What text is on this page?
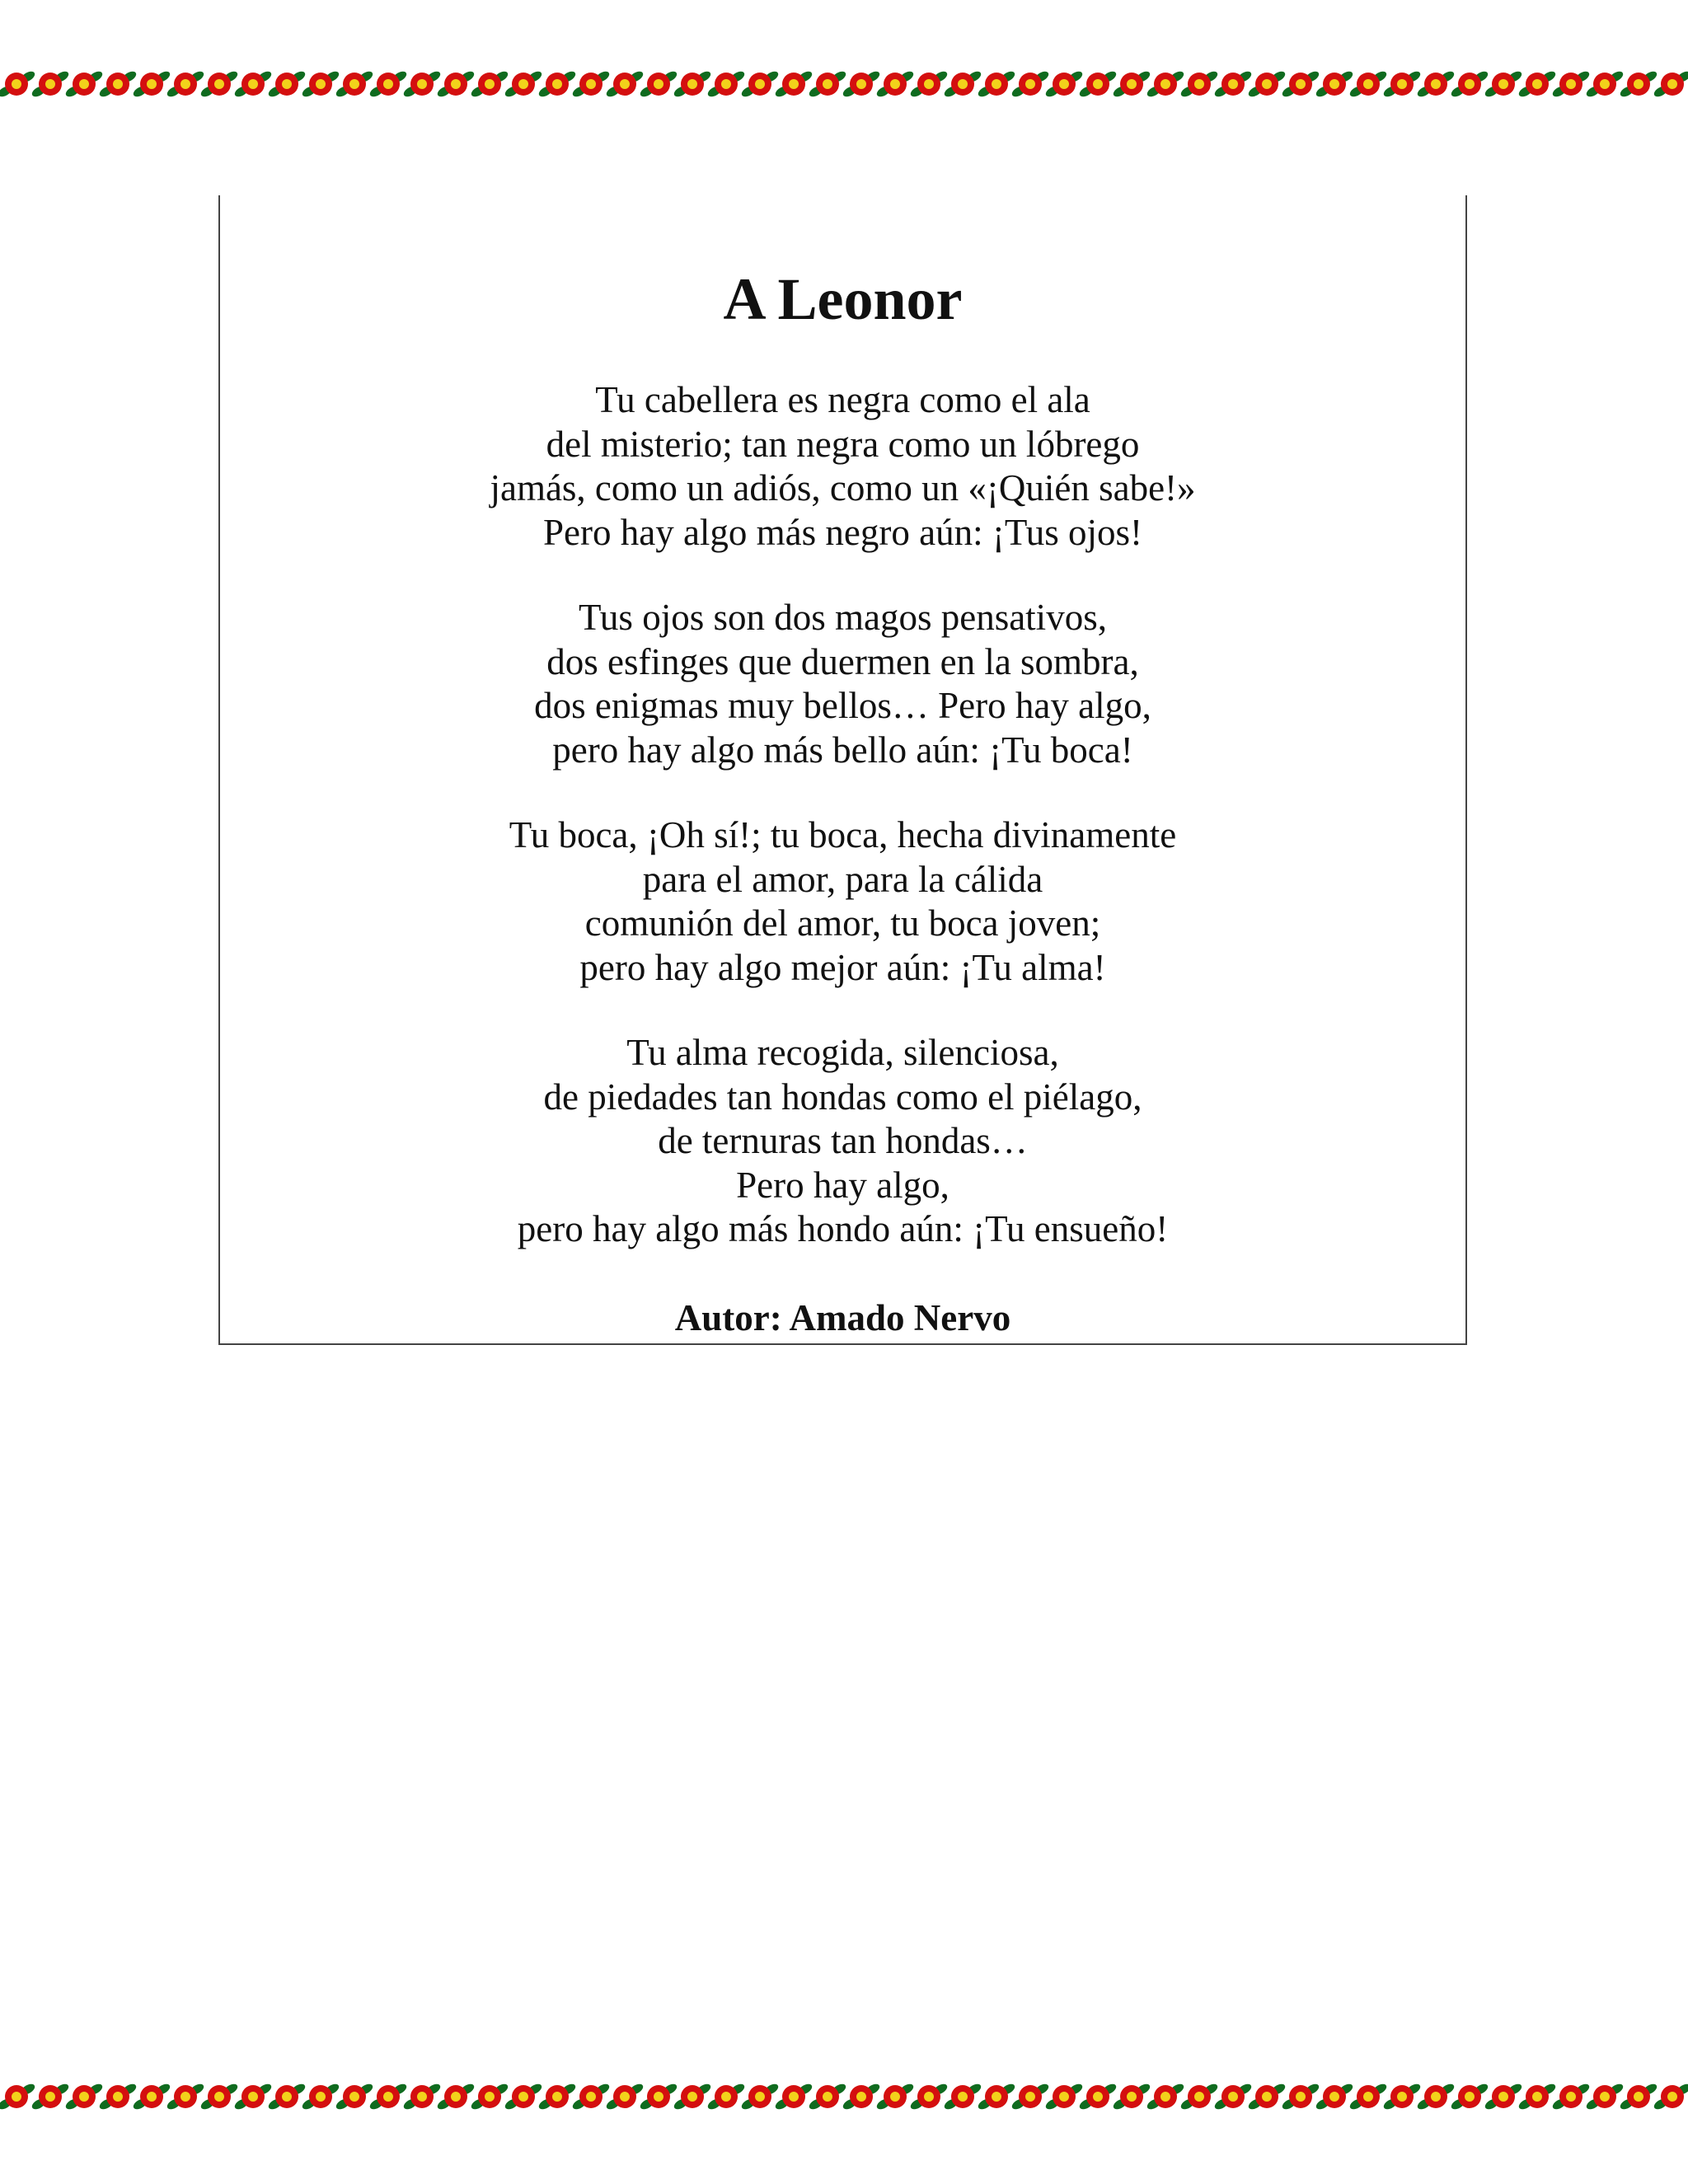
A Leonor
Tu cabellera es negra como el ala
del misterio; tan negra como un lóbrego
jamás, como un adiós, como un «¡Quién sabe!»
Pero hay algo más negro aún: ¡Tus ojos!
Tus ojos son dos magos pensativos,
dos esfinges que duermen en la sombra,
dos enigmas muy bellos… Pero hay algo,
pero hay algo más bello aún: ¡Tu boca!
Tu boca, ¡Oh sí!; tu boca, hecha divinamente
para el amor, para la cálida
comunión del amor, tu boca joven;
pero hay algo mejor aún: ¡Tu alma!
Tu alma recogida, silenciosa,
de piedades tan hondas como el piélago,
de ternuras tan hondas…
Pero hay algo,
pero hay algo más hondo aún: ¡Tu ensueño!
Autor: Amado Nervo
